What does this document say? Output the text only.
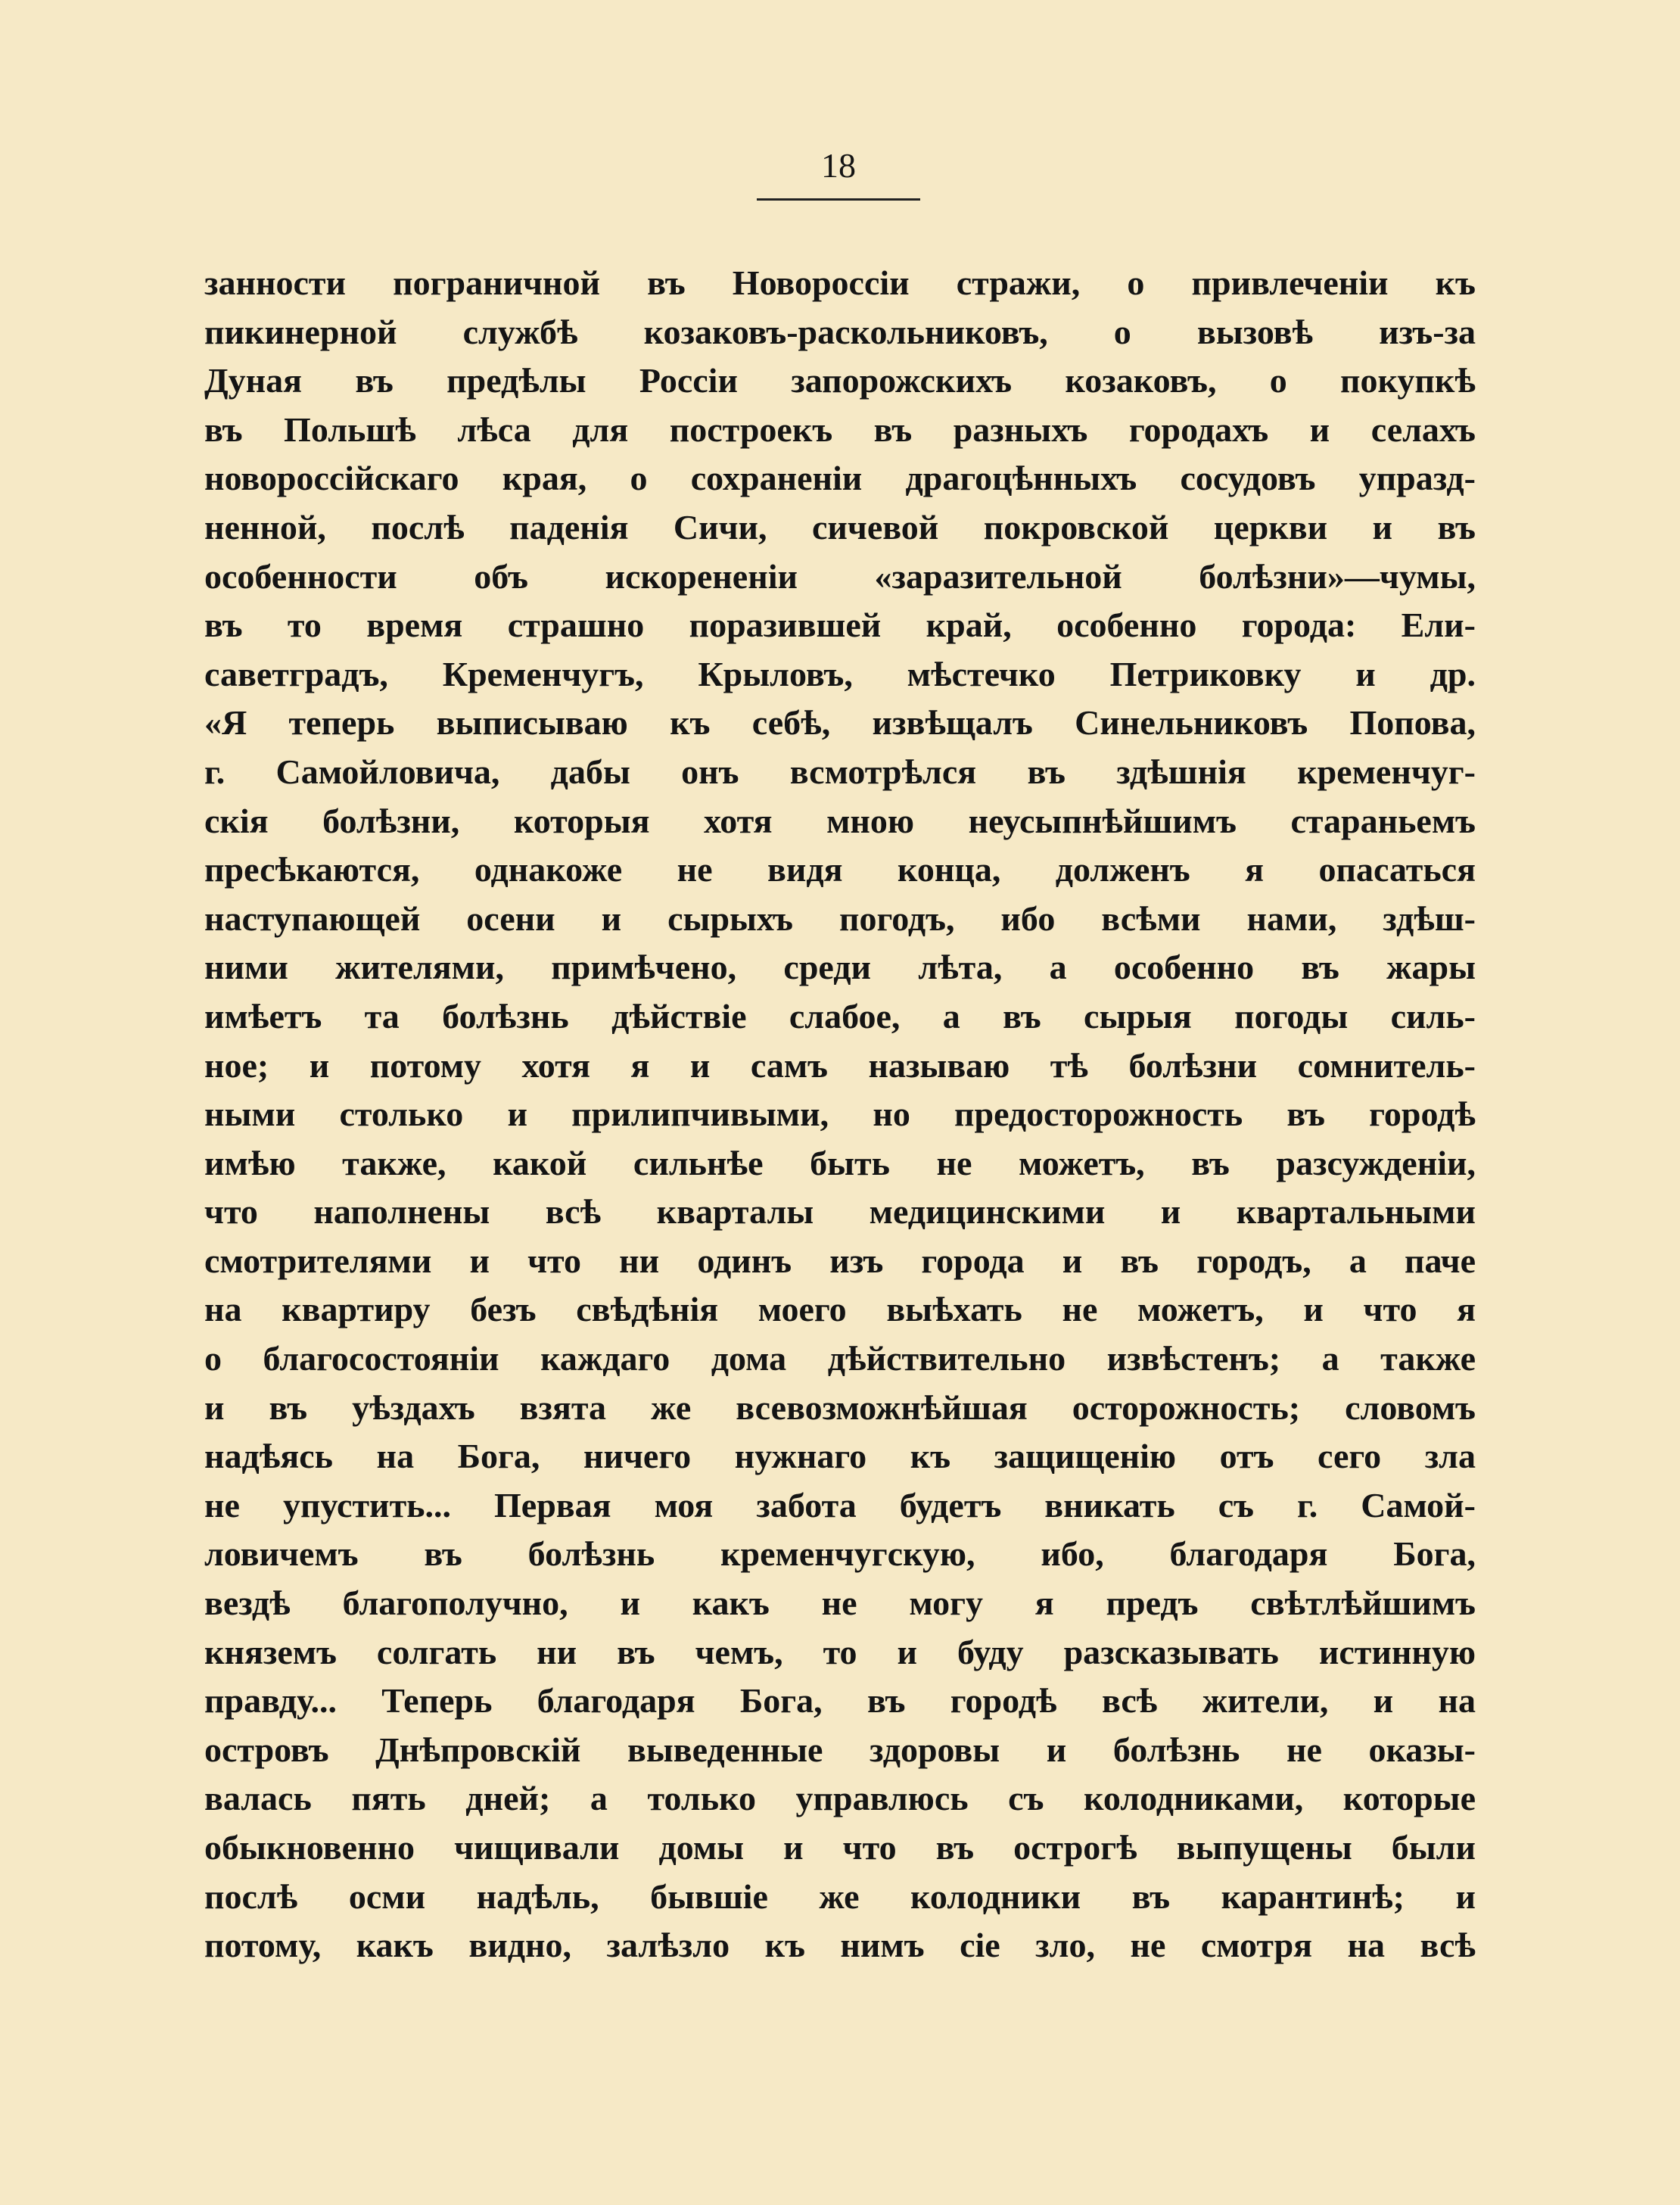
18
занности пограничной въ Новороссіи стражи, о привлеченіи къ
пикинерной службѣ козаковъ-раскольниковъ, о вызовѣ изъ-за
Дуная въ предѣлы Россіи запорожскихъ козаковъ, о покупкѣ
въ Польшѣ лѣса для построекъ въ разныхъ городахъ и селахъ
новороссійскаго края, о сохраненіи драгоцѣнныхъ сосудовъ упразд-
ненной, послѣ паденія Сичи, сичевой покровской церкви и въ
особенности объ искорененіи «заразительной болѣзни»—чумы,
въ то время страшно поразившей край, особенно города: Ели-
саветградъ, Кременчугъ, Крыловъ, мѣстечко Петриковку и др.
«Я теперь выписываю къ себѣ, извѣщалъ Синельниковъ Попова,
г. Самойловича, дабы онъ всмотрѣлся въ здѣшнія кременчуг-
скія болѣзни, которыя хотя мною неусыпнѣйшимъ стараньемъ
пресѣкаются, однакоже не видя конца, долженъ я опасаться
наступающей осени и сырыхъ погодъ, ибо всѣми нами, здѣш-
ними жителями, примѣчено, среди лѣта, а особенно въ жары
имѣетъ та болѣзнь дѣйствіе слабое, а въ сырыя погоды силь-
ное; и потому хотя я и самъ называю тѣ болѣзни сомнитель-
ными столько и прилипчивыми, но предосторожность въ городѣ
имѣю также, какой сильнѣе быть не можетъ, въ разсужденіи,
что наполнены всѣ кварталы медицинскими и квартальными
смотрителями и что ни одинъ изъ города и въ городъ, а паче
на квартиру безъ свѣдѣнія моего выѣхать не можетъ, и что я
о благосостояніи каждаго дома дѣйствительно извѣстенъ; а также
и въ уѣздахъ взята же всевозможнѣйшая осторожность; словомъ
надѣясь на Бога, ничего нужнаго къ защищенію отъ сего зла
не упустить... Первая моя забота будетъ вникать съ г. Самой-
ловичемъ въ болѣзнь кременчугскую, ибо, благодаря Бога,
вездѣ благополучно, и какъ не могу я предъ свѣтлѣйшимъ
княземъ солгать ни въ чемъ, то и буду разсказывать истинную
правду... Теперь благодаря Бога, въ городѣ всѣ жители, и на
островъ Днѣпровскій выведенные здоровы и болѣзнь не оказы-
валась пять дней; а только управлюсь съ колодниками, которые
обыкновенно чищивали домы и что въ острогѣ выпущены были
послѣ осми надѣль, бывшіе же колодники въ карантинѣ; и
потому, какъ видно, залѣзло къ нимъ сіе зло, не смотря на всѣ
